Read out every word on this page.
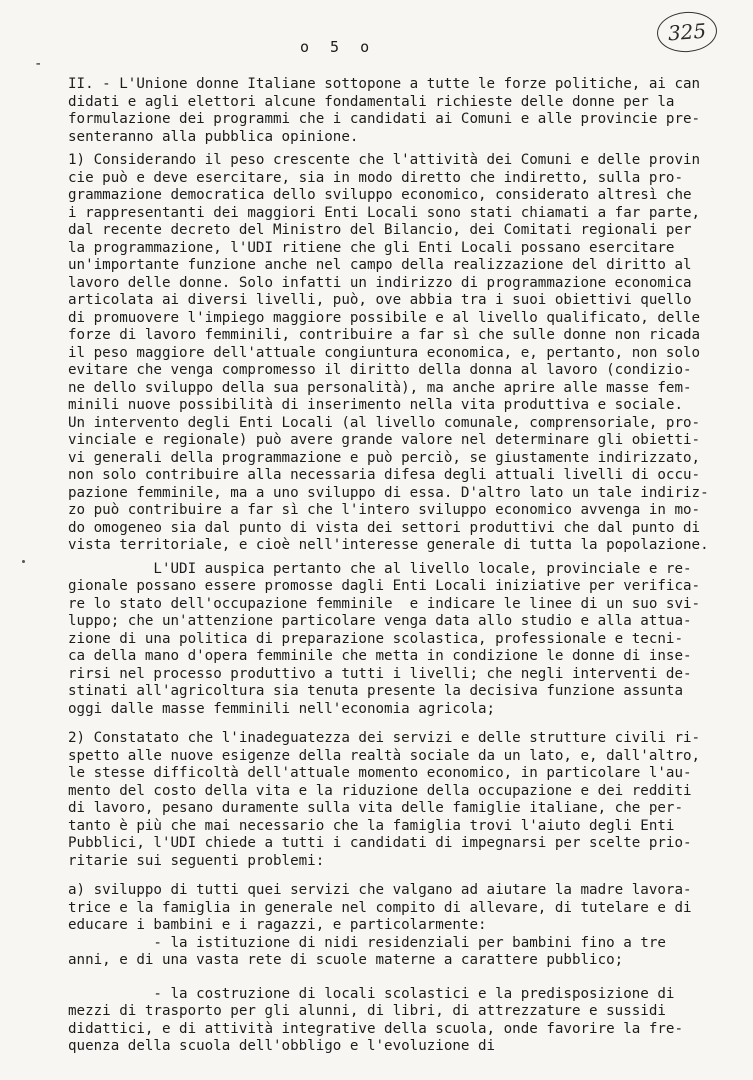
o 5 o
325
-
II. - L'Unione donne Italiane sottopone a tutte le forze politiche, ai can
didati e agli elettori alcune fondamentali richieste delle donne per la
formulazione dei programmi che i candidati ai Comuni e alle provincie pre-
senteranno alla pubblica opinione.
1) Considerando il peso crescente che l'attività dei Comuni e delle provin
cie può e deve esercitare, sia in modo diretto che indiretto, sulla pro-
grammazione democratica dello sviluppo economico, considerato altresì che
i rappresentanti dei maggiori Enti Locali sono stati chiamati a far parte,
dal recente decreto del Ministro del Bilancio, dei Comitati regionali per
la programmazione, l'UDI ritiene che gli Enti Locali possano esercitare
un'importante funzione anche nel campo della realizzazione del diritto al
lavoro delle donne. Solo infatti un indirizzo di programmazione economica
articolata ai diversi livelli, può, ove abbia tra i suoi obiettivi quello
di promuovere l'impiego maggiore possibile e al livello qualificato, delle
forze di lavoro femminili, contribuire a far sì che sulle donne non ricada
il peso maggiore dell'attuale congiuntura economica, e, pertanto, non solo
evitare che venga compromesso il diritto della donna al lavoro (condizio-
ne dello sviluppo della sua personalità), ma anche aprire alle masse fem-
minili nuove possibilità di inserimento nella vita produttiva e sociale.
Un intervento degli Enti Locali (al livello comunale, comprensoriale, pro-
vinciale e regionale) può avere grande valore nel determinare gli obietti-
vi generali della programmazione e può perciò, se giustamente indirizzato,
non solo contribuire alla necessaria difesa degli attuali livelli di occu-
pazione femminile, ma a uno sviluppo di essa. D'altro lato un tale indiriz-
zo può contribuire a far sì che l'intero sviluppo economico avvenga in mo-
do omogeneo sia dal punto di vista dei settori produttivi che dal punto di
vista territoriale, e cioè nell'interesse generale di tutta la popolazione.
L'UDI auspica pertanto che al livello locale, provinciale e re-
gionale possano essere promosse dagli Enti Locali iniziative per verifica-
re lo stato dell'occupazione femminile  e indicare le linee di un suo svi-
luppo; che un'attenzione particolare venga data allo studio e alla attua-
zione di una politica di preparazione scolastica, professionale e tecni-
ca della mano d'opera femminile che metta in condizione le donne di inse-
rirsi nel processo produttivo a tutti i livelli; che negli interventi de-
stinati all'agricoltura sia tenuta presente la decisiva funzione assunta
oggi dalle masse femminili nell'economia agricola;
2) Constatato che l'inadeguatezza dei servizi e delle strutture civili ri-
spetto alle nuove esigenze della realtà sociale da un lato, e, dall'altro,
le stesse difficoltà dell'attuale momento economico, in particolare l'au-
mento del costo della vita e la riduzione della occupazione e dei redditi
di lavoro, pesano duramente sulla vita delle famiglie italiane, che per-
tanto è più che mai necessario che la famiglia trovi l'aiuto degli Enti
Pubblici, l'UDI chiede a tutti i candidati di impegnarsi per scelte prio-
ritarie sui seguenti problemi:
a) sviluppo di tutti quei servizi che valgano ad aiutare la madre lavora-
trice e la famiglia in generale nel compito di allevare, di tutelare e di
educare i bambini e i ragazzi, e particolarmente:
- la istituzione di nidi residenziali per bambini fino a tre
anni, e di una vasta rete di scuole materne a carattere pubblico;
- la costruzione di locali scolastici e la predisposizione di
mezzi di trasporto per gli alunni, di libri, di attrezzature e sussidi
didattici, e di attività integrative della scuola, onde favorire la fre-
quenza della scuola dell'obbligo e l'evoluzione di
